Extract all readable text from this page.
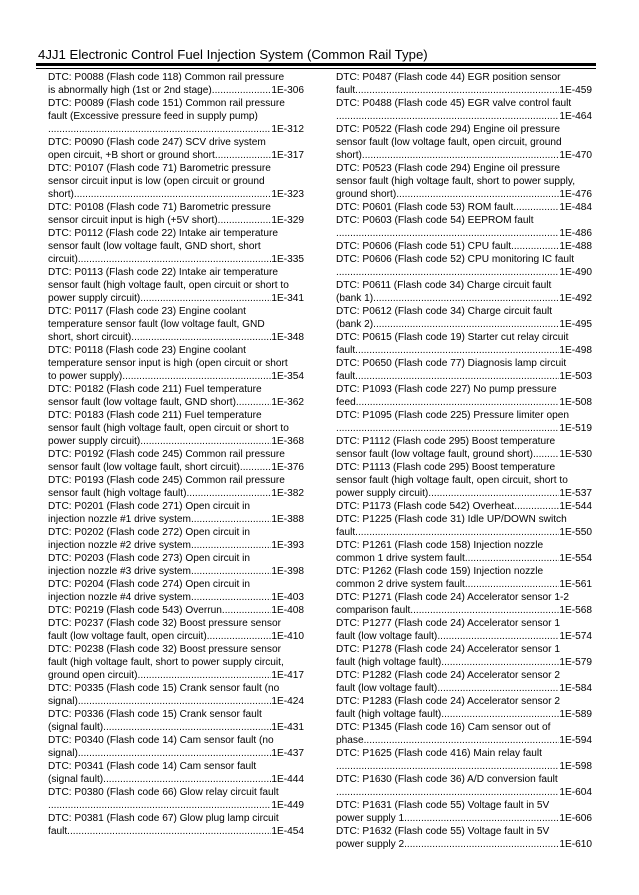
4JJ1 Electronic Control Fuel Injection System (Common Rail Type)
DTC: P0088 (Flash code 118) Common rail pressure
is abnormally high (1st or 2nd stage) .....	1E-306
DTC: P0089 (Flash code 151) Common rail pressure
fault (Excessive pressure feed in supply pump)
.....
1E-312
DTC: P0090 (Flash code 247) SCV drive system
open circuit, +B short or ground short .....	1E-317
DTC: P0107 (Flash code 71) Barometric pressure
sensor circuit input is low (open circuit or ground
short) .....	1E-323
DTC: P0108 (Flash code 71) Barometric pressure
sensor circuit input is high (+5V short) .....	1E-329
DTC: P0112 (Flash code 22) Intake air temperature
sensor fault (low voltage fault, GND short, short
circuit) .....	1E-335
DTC: P0113 (Flash code 22) Intake air temperature
sensor fault (high voltage fault, open circuit or short to
power supply circuit) .....	1E-341
DTC: P0117 (Flash code 23) Engine coolant
temperature sensor fault (low voltage fault, GND
short, short circuit) .....	1E-348
DTC: P0118 (Flash code 23) Engine coolant
temperature sensor input is high (open circuit or short
to power supply) .....	1E-354
DTC: P0182 (Flash code 211) Fuel temperature
sensor fault (low voltage fault, GND short) .....	1E-362
DTC: P0183 (Flash code 211) Fuel temperature
sensor fault (high voltage fault, open circuit or short to
power supply circuit) .....	1E-368
DTC: P0192 (Flash code 245) Common rail pressure
sensor fault (low voltage fault, short circuit) .....	1E-376
DTC: P0193 (Flash code 245) Common rail pressure
sensor fault (high voltage fault) .....	1E-382
DTC: P0201 (Flash code 271) Open circuit in
injection nozzle #1 drive system .....	1E-388
DTC: P0202 (Flash code 272) Open circuit in
injection nozzle #2 drive system .....	1E-393
DTC: P0203 (Flash code 273) Open circuit in
injection nozzle #3 drive system .....	1E-398
DTC: P0204 (Flash code 274) Open circuit in
injection nozzle #4 drive system .....	1E-403
DTC: P0219 (Flash code 543) Overrun .....	1E-408
DTC: P0237 (Flash code 32) Boost pressure sensor
fault (low voltage fault, open circuit) .....	1E-410
DTC: P0238 (Flash code 32) Boost pressure sensor
fault (high voltage fault, short to power supply circuit,
ground open circuit) .....	1E-417
DTC: P0335 (Flash code 15) Crank sensor fault (no
signal) .....	1E-424
DTC: P0336 (Flash code 15) Crank sensor fault
(signal fault) .....	1E-431
DTC: P0340 (Flash code 14) Cam sensor fault (no
signal) .....	1E-437
DTC: P0341 (Flash code 14) Cam sensor fault
(signal fault) .....	1E-444
DTC: P0380 (Flash code 66) Glow relay circuit fault
.....
1E-449
DTC: P0381 (Flash code 67) Glow plug lamp circuit
fault .....	1E-454
DTC: P0487 (Flash code 44) EGR position sensor
fault .....	1E-459
DTC: P0488 (Flash code 45) EGR valve control fault
.....
1E-464
DTC: P0522 (Flash code 294) Engine oil pressure
sensor fault (low voltage fault, open circuit, ground
short) .....	1E-470
DTC: P0523 (Flash code 294) Engine oil pressure
sensor fault (high voltage fault, short to power supply,
ground short) .....	1E-476
DTC: P0601 (Flash code 53) ROM fault .....	1E-484
DTC: P0603 (Flash code 54) EEPROM fault
.....
1E-486
DTC: P0606 (Flash code 51) CPU fault .....	1E-488
DTC: P0606 (Flash code 52) CPU monitoring IC fault
.....
1E-490
DTC: P0611 (Flash code 34) Charge circuit fault
(bank 1) .....	1E-492
DTC: P0612 (Flash code 34) Charge circuit fault
(bank 2) .....	1E-495
DTC: P0615 (Flash code 19) Starter cut relay circuit
fault .....	1E-498
DTC: P0650 (Flash code 77) Diagnosis lamp circuit
fault .....	1E-503
DTC: P1093 (Flash code 227) No pump pressure
feed .....	1E-508
DTC: P1095 (Flash code 225) Pressure limiter open
.....
1E-519
DTC: P1112 (Flash code 295) Boost temperature
sensor fault (low voltage fault, ground short) .....	1E-530
DTC: P1113 (Flash code 295) Boost temperature
sensor fault (high voltage fault, open circuit, short to
power supply circuit) .....	1E-537
DTC: P1173 (Flash code 542) Overheat .....	1E-544
DTC: P1225 (Flash code 31) Idle UP/DOWN switch
fault .....	1E-550
DTC: P1261 (Flash code 158) Injection nozzle
common 1 drive system fault .....	1E-554
DTC: P1262 (Flash code 159) Injection nozzle
common 2 drive system fault .....	1E-561
DTC: P1271 (Flash code 24) Accelerator sensor 1-2
comparison fault .....	1E-568
DTC: P1277 (Flash code 24) Accelerator sensor 1
fault (low voltage fault) .....	1E-574
DTC: P1278 (Flash code 24) Accelerator sensor 1
fault (high voltage fault) .....	1E-579
DTC: P1282 (Flash code 24) Accelerator sensor 2
fault (low voltage fault) .....	1E-584
DTC: P1283 (Flash code 24) Accelerator sensor 2
fault (high voltage fault) .....	1E-589
DTC: P1345 (Flash code 16) Cam sensor out of
phase .....	1E-594
DTC: P1625 (Flash code 416) Main relay fault
.....
1E-598
DTC: P1630 (Flash code 36) A/D conversion fault
.....
1E-604
DTC: P1631 (Flash code 55) Voltage fault in 5V
power supply 1 .....	1E-606
DTC: P1632 (Flash code 55) Voltage fault in 5V
power supply 2 .....	1E-610
